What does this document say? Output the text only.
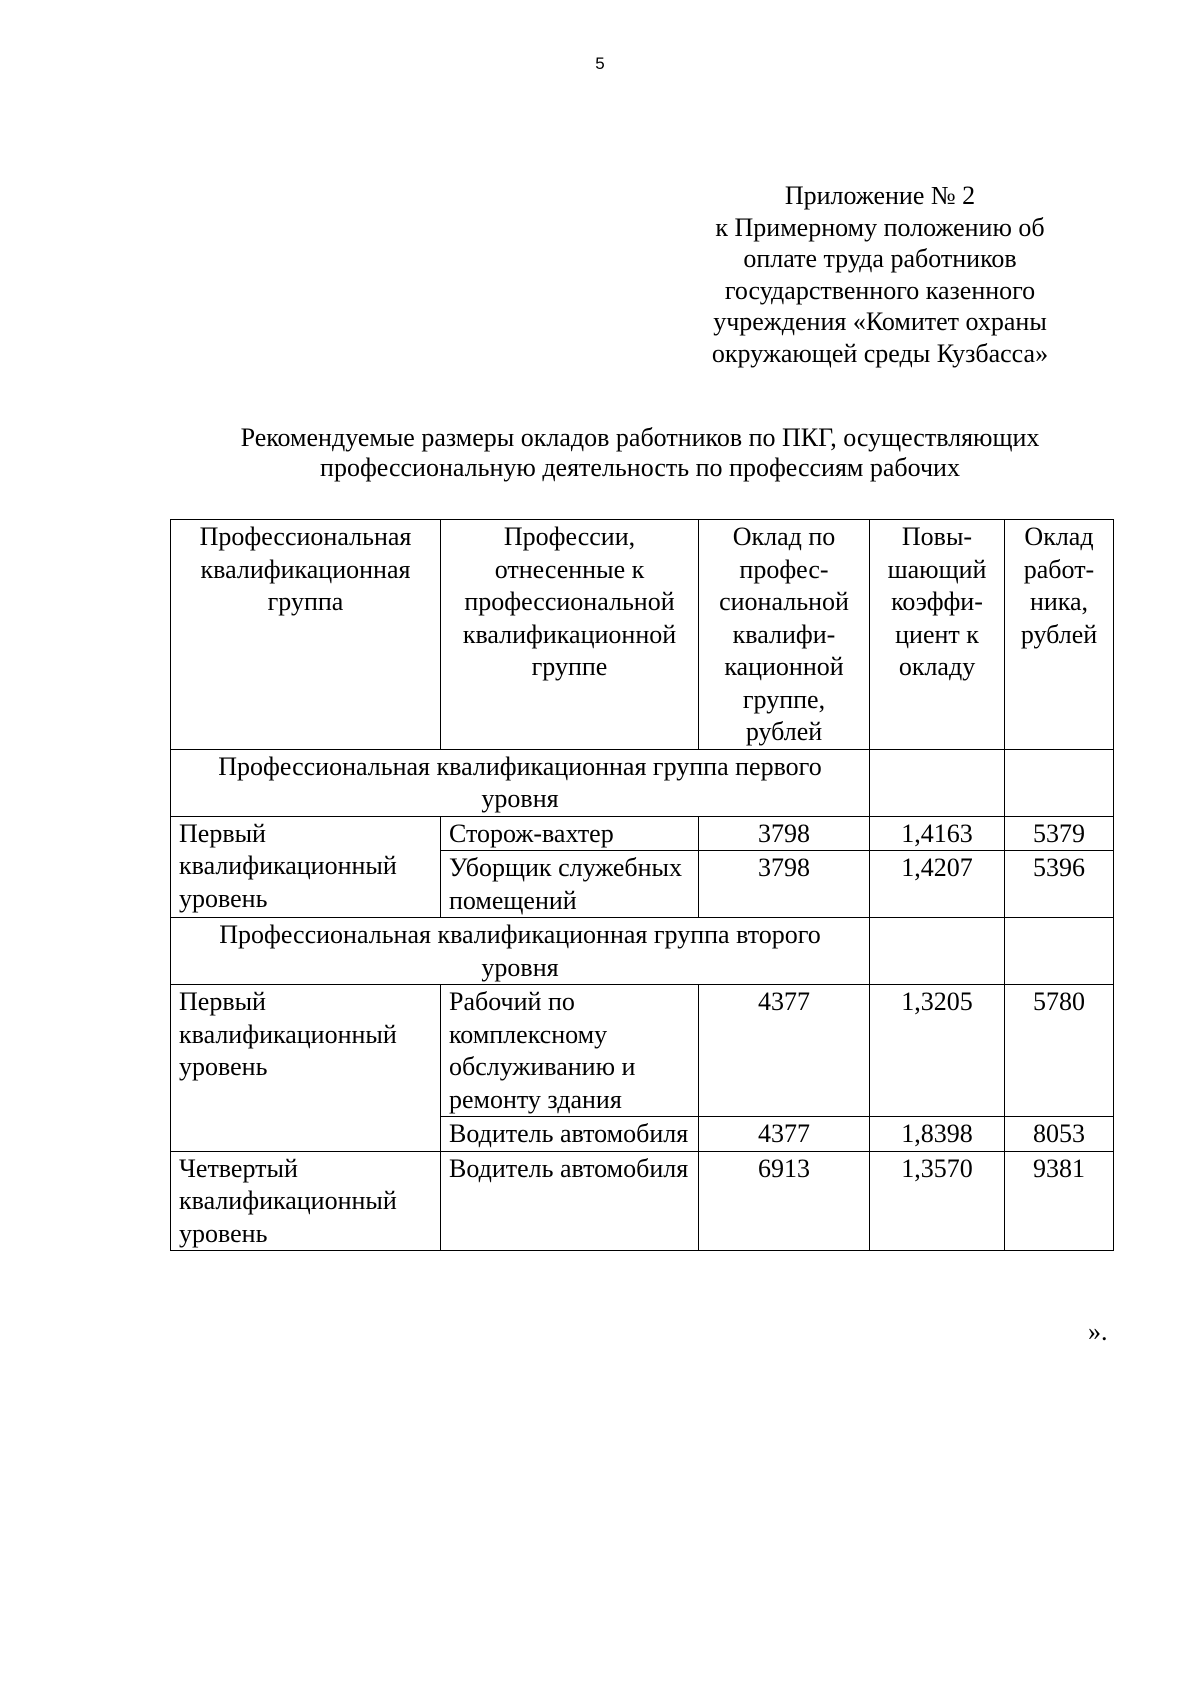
5
Приложение № 2
к Примерному положению об
оплате труда работников
государственного казенного
учреждения «Комитет охраны
окружающей среды Кузбасса»
Рекомендуемые размеры окладов работников по ПКГ, осуществляющих
профессиональную деятельность по профессиям рабочих
Профессиональная квалификационная группа	Профессии, отнесенные к профессиональной квалификационной группе	Оклад по профес-сиональной квалифи-кационной группе, рублей	Повы-шающий коэффи-циент к окладу	Оклад работ-ника, рублей
Профессиональная квалификационная группа первого уровня				
Первый квалификационный уровень	Сторож-вахтер	3798	1,4163	5379
	Уборщик служебных помещений	3798	1,4207	5396
Профессиональная квалификационная группа второго уровня				
Первый квалификационный уровень	Рабочий по комплексному обслуживанию и ремонту здания	4377	1,3205	5780
	Водитель автомобиля	4377	1,8398	8053
Четвертый квалификационный уровень	Водитель автомобиля	6913	1,3570	9381
».
